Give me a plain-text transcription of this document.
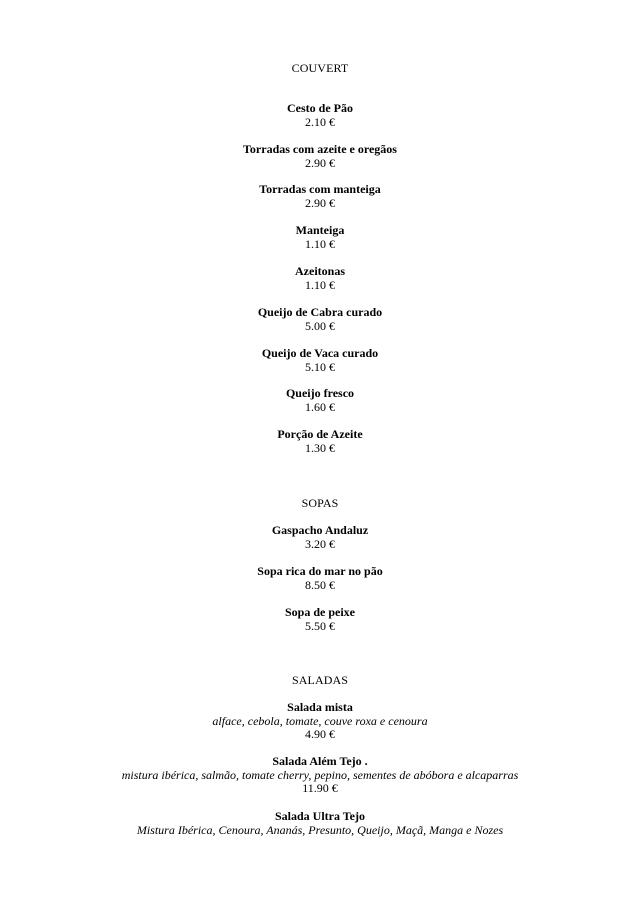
COUVERT
Cesto de Pão
2.10 €
Torradas com azeite e oregãos
2.90 €
Torradas com manteiga
2.90 €
Manteiga
1.10 €
Azeitonas
1.10 €
Queijo de Cabra curado
5.00 €
Queijo de Vaca curado
5.10 €
Queijo fresco
1.60 €
Porção de Azeite
1.30 €
SOPAS
Gaspacho Andaluz
3.20 €
Sopa rica do mar no pão
8.50 €
Sopa de peixe
5.50 €
SALADAS
Salada mista
alface, cebola, tomate, couve roxa e cenoura
4.90 €
Salada Além Tejo .
mistura ibérica, salmão, tomate cherry, pepino, sementes de abóbora e alcaparras
11.90 €
Salada Ultra Tejo
Mistura Ibérica, Cenoura, Ananás, Presunto, Queijo, Maçã, Manga e Nozes
